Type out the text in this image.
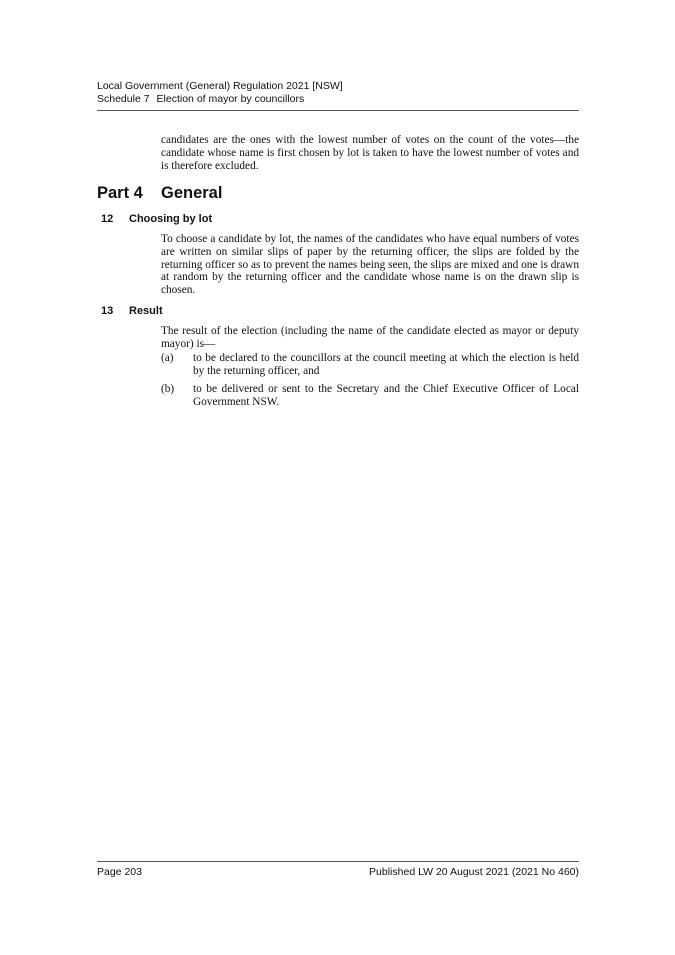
Local Government (General) Regulation 2021 [NSW]
Schedule 7 Election of mayor by councillors
candidates are the ones with the lowest number of votes on the count of the votes—the candidate whose name is first chosen by lot is taken to have the lowest number of votes and is therefore excluded.
Part 4 General
12 Choosing by lot
To choose a candidate by lot, the names of the candidates who have equal numbers of votes are written on similar slips of paper by the returning officer, the slips are folded by the returning officer so as to prevent the names being seen, the slips are mixed and one is drawn at random by the returning officer and the candidate whose name is on the drawn slip is chosen.
13 Result
The result of the election (including the name of the candidate elected as mayor or deputy mayor) is—
(a)	to be declared to the councillors at the council meeting at which the election is held by the returning officer, and
(b)	to be delivered or sent to the Secretary and the Chief Executive Officer of Local Government NSW.
Page 203	Published LW 20 August 2021 (2021 No 460)
